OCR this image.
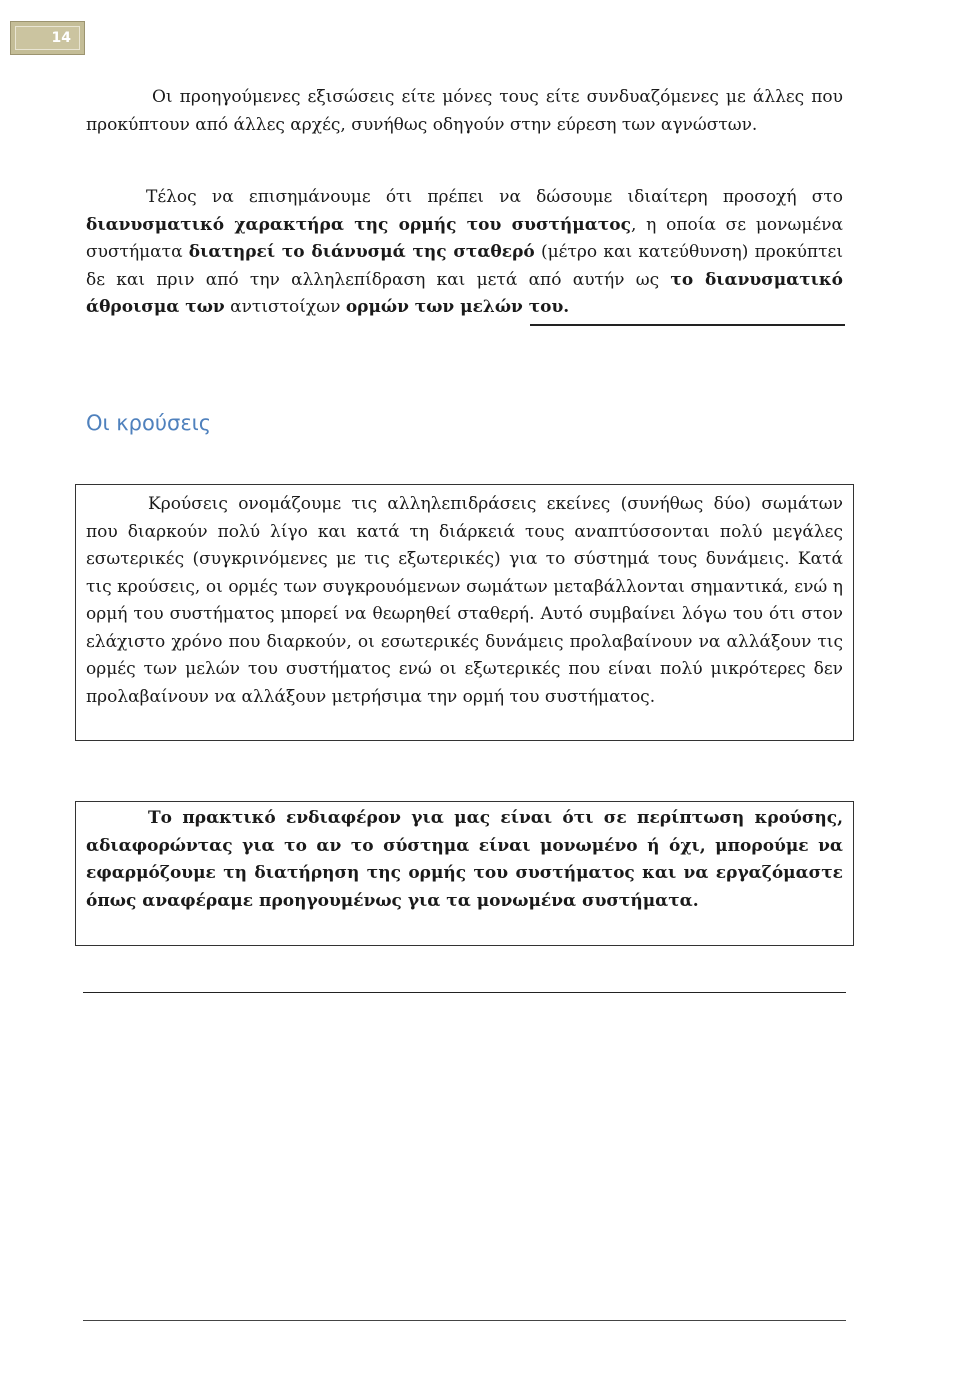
14

Οι προηγούμενες εξισώσεις είτε μόνες τους είτε συνδυαζόμενες με άλλες που προκύπτουν από άλλες αρχές, συνήθως οδηγούν στην εύρεση των αγνώστων.

Τέλος να επισημάνουμε ότι πρέπει να δώσουμε ιδιαίτερη προσοχή στο διανυσματικό χαρακτήρα της ορμής του συστήματος, η οποία σε μονωμένα συστήματα διατηρεί το διάνυσμά της σταθερό (μέτρο και κατεύθυνση) προκύπτει δε και πριν από την αλληλεπίδραση και μετά από αυτήν ως το διανυσματικό άθροισμα των αντιστοίχων ορμών των μελών του.

Οι κρούσεις

Κρούσεις ονομάζουμε τις αλληλεπιδράσεις εκείνες (συνήθως δύο) σωμάτων που διαρκούν πολύ λίγο και κατά τη διάρκειά τους αναπτύσσονται πολύ μεγάλες εσωτερικές (συγκρινόμενες με τις εξωτερικές) για το σύστημά τους δυνάμεις. Κατά τις κρούσεις, οι ορμές των συγκρουόμενων σωμάτων μεταβάλλονται σημαντικά, ενώ η ορμή του συστήματος μπορεί να θεωρηθεί σταθερή. Αυτό συμβαίνει λόγω του ότι στον ελάχιστο χρόνο που διαρκούν, οι εσωτερικές δυνάμεις προλαβαίνουν να αλλάξουν τις ορμές των μελών του συστήματος ενώ οι εξωτερικές που είναι πολύ μικρότερες δεν προλαβαίνουν να αλλάξουν μετρήσιμα την ορμή του συστήματος.

Το πρακτικό ενδιαφέρον για μας είναι ότι σε περίπτωση κρούσης, αδιαφορώντας για το αν το σύστημα είναι μονωμένο ή όχι, μπορούμε να εφαρμόζουμε τη διατήρηση της ορμής του συστήματος και να εργαζόμαστε όπως αναφέραμε προηγουμένως για τα μονωμένα συστήματα.
